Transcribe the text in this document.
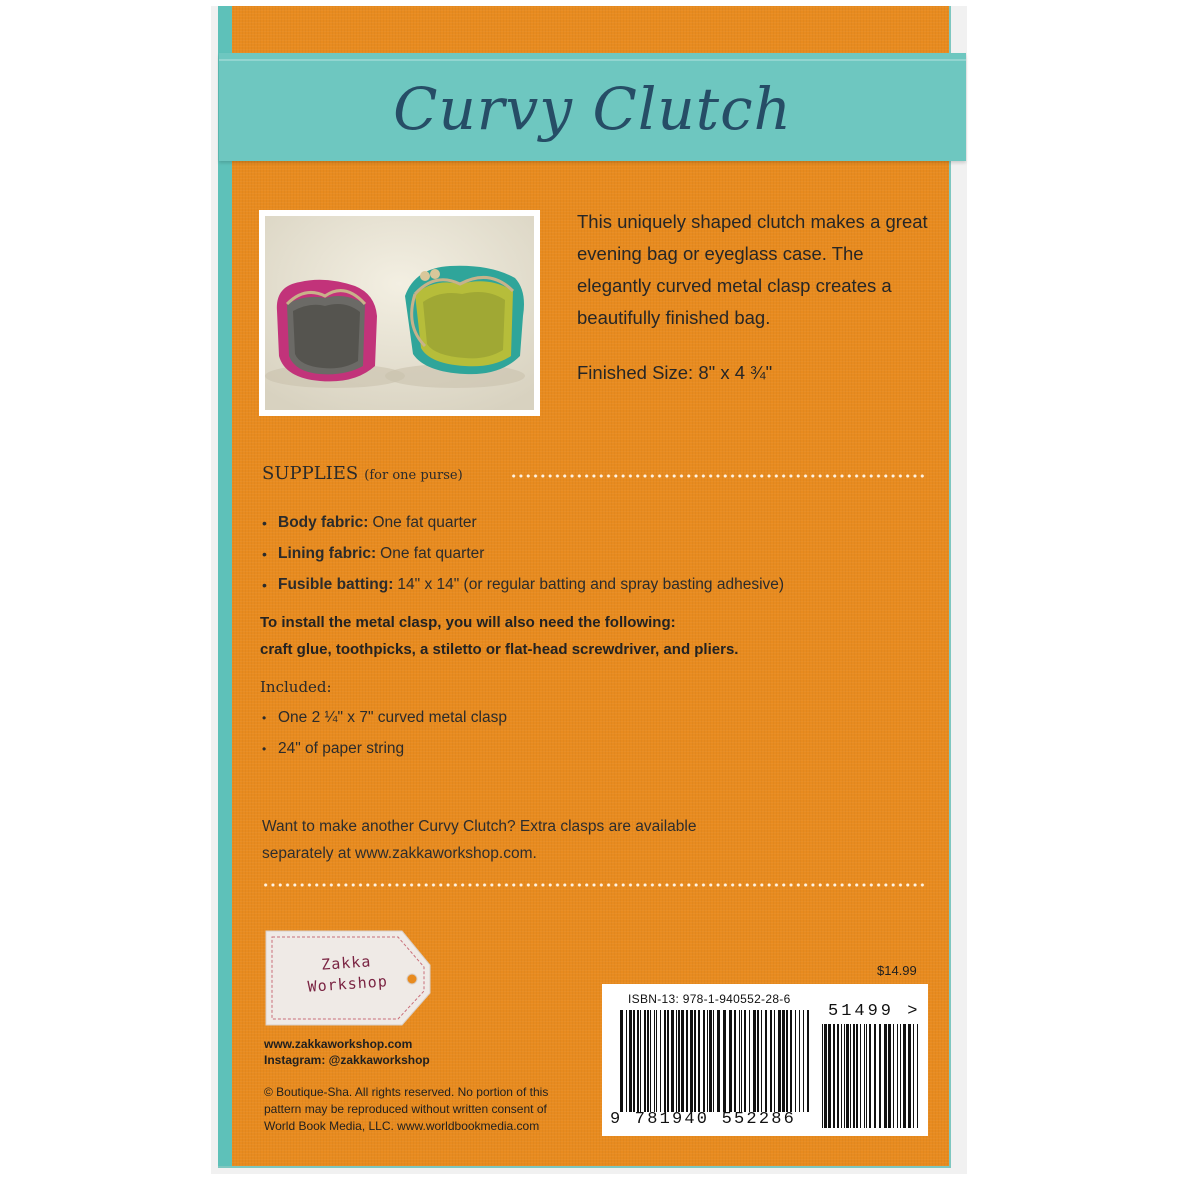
Curvy Clutch
This uniquely shaped clutch makes a great evening bag or eyeglass case. The elegantly curved metal clasp creates a beautifully finished bag.
Finished Size: 8" x 4 ¾"
SUPPLIES (for one purse)
• Body fabric: One fat quarter
• Lining fabric: One fat quarter
• Fusible batting: 14" x 14" (or regular batting and spray basting adhesive)
To install the metal clasp, you will also need the following:
craft glue, toothpicks, a stiletto or flat-head screwdriver, and pliers.
Included:
• One 2 ¼" x 7" curved metal clasp
• 24" of paper string
Want to make another Curvy Clutch? Extra clasps are available
separately at www.zakkaworkshop.com.
Zakka
Workshop
www.zakkaworkshop.com
Instagram: @zakkaworkshop
© Boutique-Sha. All rights reserved. No portion of this
pattern may be reproduced without written consent of
World Book Media, LLC. www.worldbookmedia.com
$14.99
ISBN-13: 978-1-940552-28-6
9 781940 552286
51499 >
